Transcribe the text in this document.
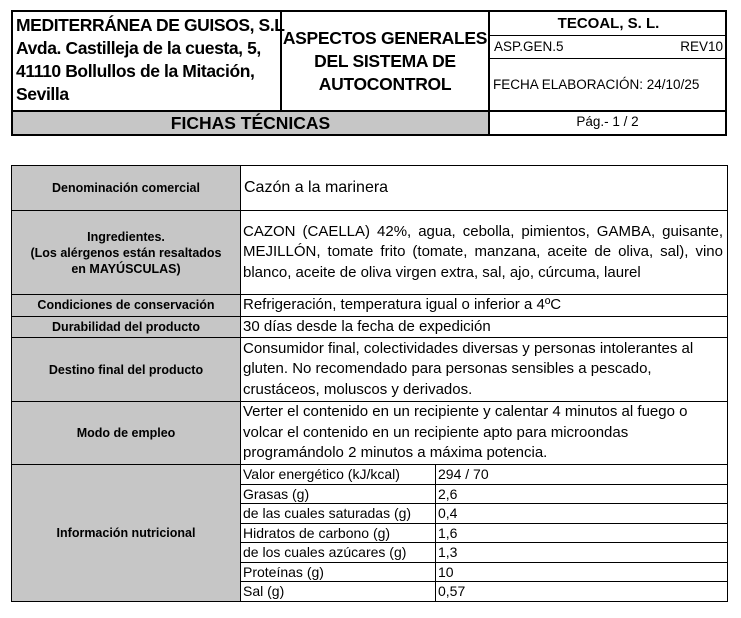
MEDITERRÁNEA DE GUISOS, S.L
Avda. Castilleja de la cuesta, 5,
41110 Bollullos de la Mitación,
Sevilla
ASPECTOS GENERALES
DEL SISTEMA DE
AUTOCONTROL
TECOAL, S. L.
ASP.GEN.5	REV10
FECHA ELABORACIÓN: 24/10/25
FICHAS TÉCNICAS	Pág.- 1 / 2
Denominación comercial	Cazón a la marinera

Ingredientes.
(Los alérgenos están resaltados
en MAYÚSCULAS)
	CAZON (CAELLA) 42%, agua, cebolla, pimientos, GAMBA, guisante, MEJILLÓN, tomate frito (tomate, manzana, aceite de oliva, sal), vino blanco, aceite de oliva virgen extra, sal, ajo, cúrcuma, laurel
Condiciones de conservación	Refrigeración, temperatura igual o inferior a 4ºC
Durabilidad del producto	30 días desde la fecha de expedición
Destino final del producto	Consumidor final, colectividades diversas y personas intolerantes al gluten. No recomendado para personas sensibles a pescado, crustáceos, moluscos y derivados.
Modo de empleo	Verter el contenido en un recipiente y calentar 4 minutos al fuego o volcar el contenido en un recipiente apto para microondas programándolo 2 minutos a máxima potencia.
Información nutricional	
Valor energético (kJ/kcal)	294 / 70
Grasas (g)	2,6
de las cuales saturadas (g)	0,4
Hidratos de carbono (g)	1,6
de los cuales azúcares (g)	1,3
Proteínas (g)	10
Sal (g)	0,57
